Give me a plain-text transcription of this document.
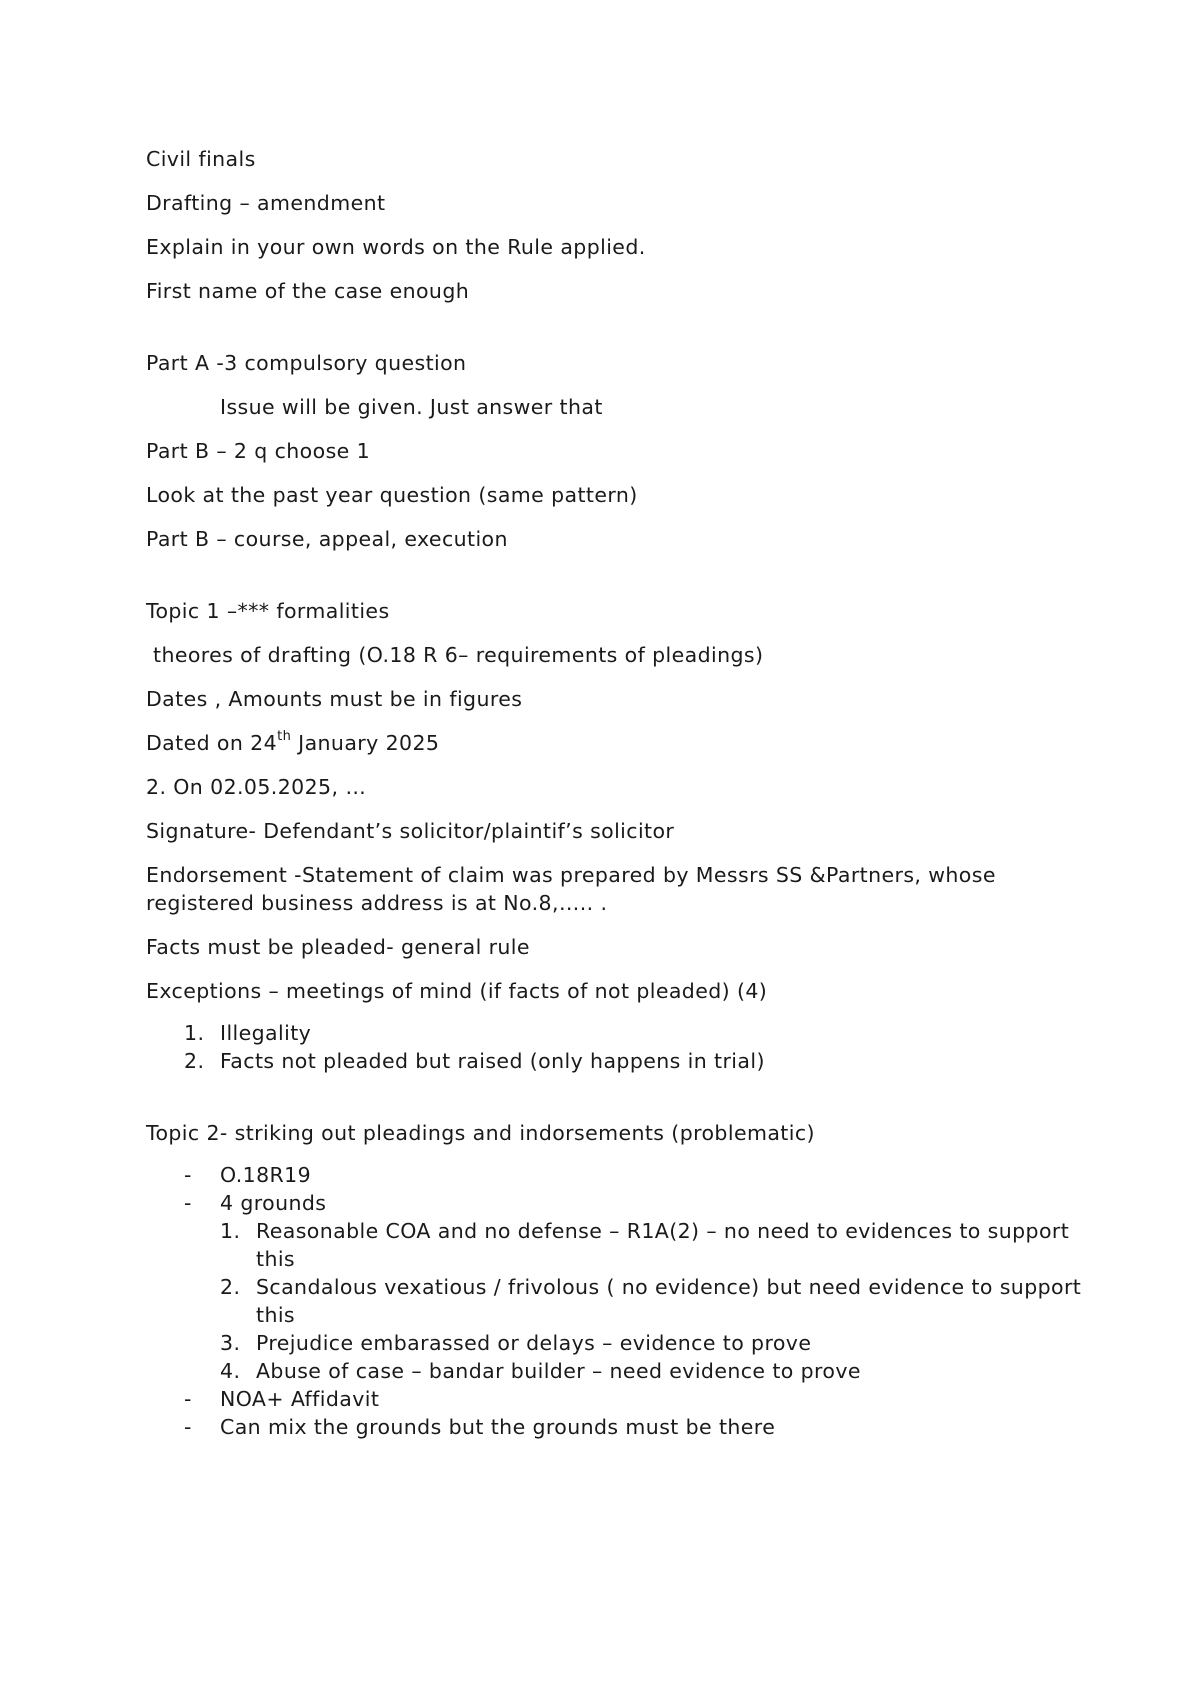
Civil finals

Drafting – amendment

Explain in your own words on the Rule applied.

First name of the case enough

Part A -3 compulsory question

Issue will be given. Just answer that

Part B – 2 q choose 1

Look at the past year question (same pattern)

Part B – course, appeal, execution

Topic 1 –*** formalities

theores of drafting (O.18 R 6– requirements of pleadings)

Dates , Amounts must be in figures

Dated on 24th January 2025

2. On 02.05.2025, …

Signature- Defendant’s solicitor/plaintif’s solicitor

Endorsement -Statement of claim was prepared by Messrs SS &Partners, whose registered business address is at No.8,….. .

Facts must be pleaded- general rule

Exceptions – meetings of mind (if facts of not pleaded) (4)

1. Illegality
2. Facts not pleaded but raised (only happens in trial)

Topic 2- striking out pleadings and indorsements (problematic)

- O.18R19
- 4 grounds
1. Reasonable COA and no defense – R1A(2) – no need to evidences to support this
2. Scandalous vexatious / frivolous ( no evidence) but need evidence to support this
3. Prejudice embarassed or delays – evidence to prove
4. Abuse of case – bandar builder – need evidence to prove
- NOA+ Affidavit
- Can mix the grounds but the grounds must be there
